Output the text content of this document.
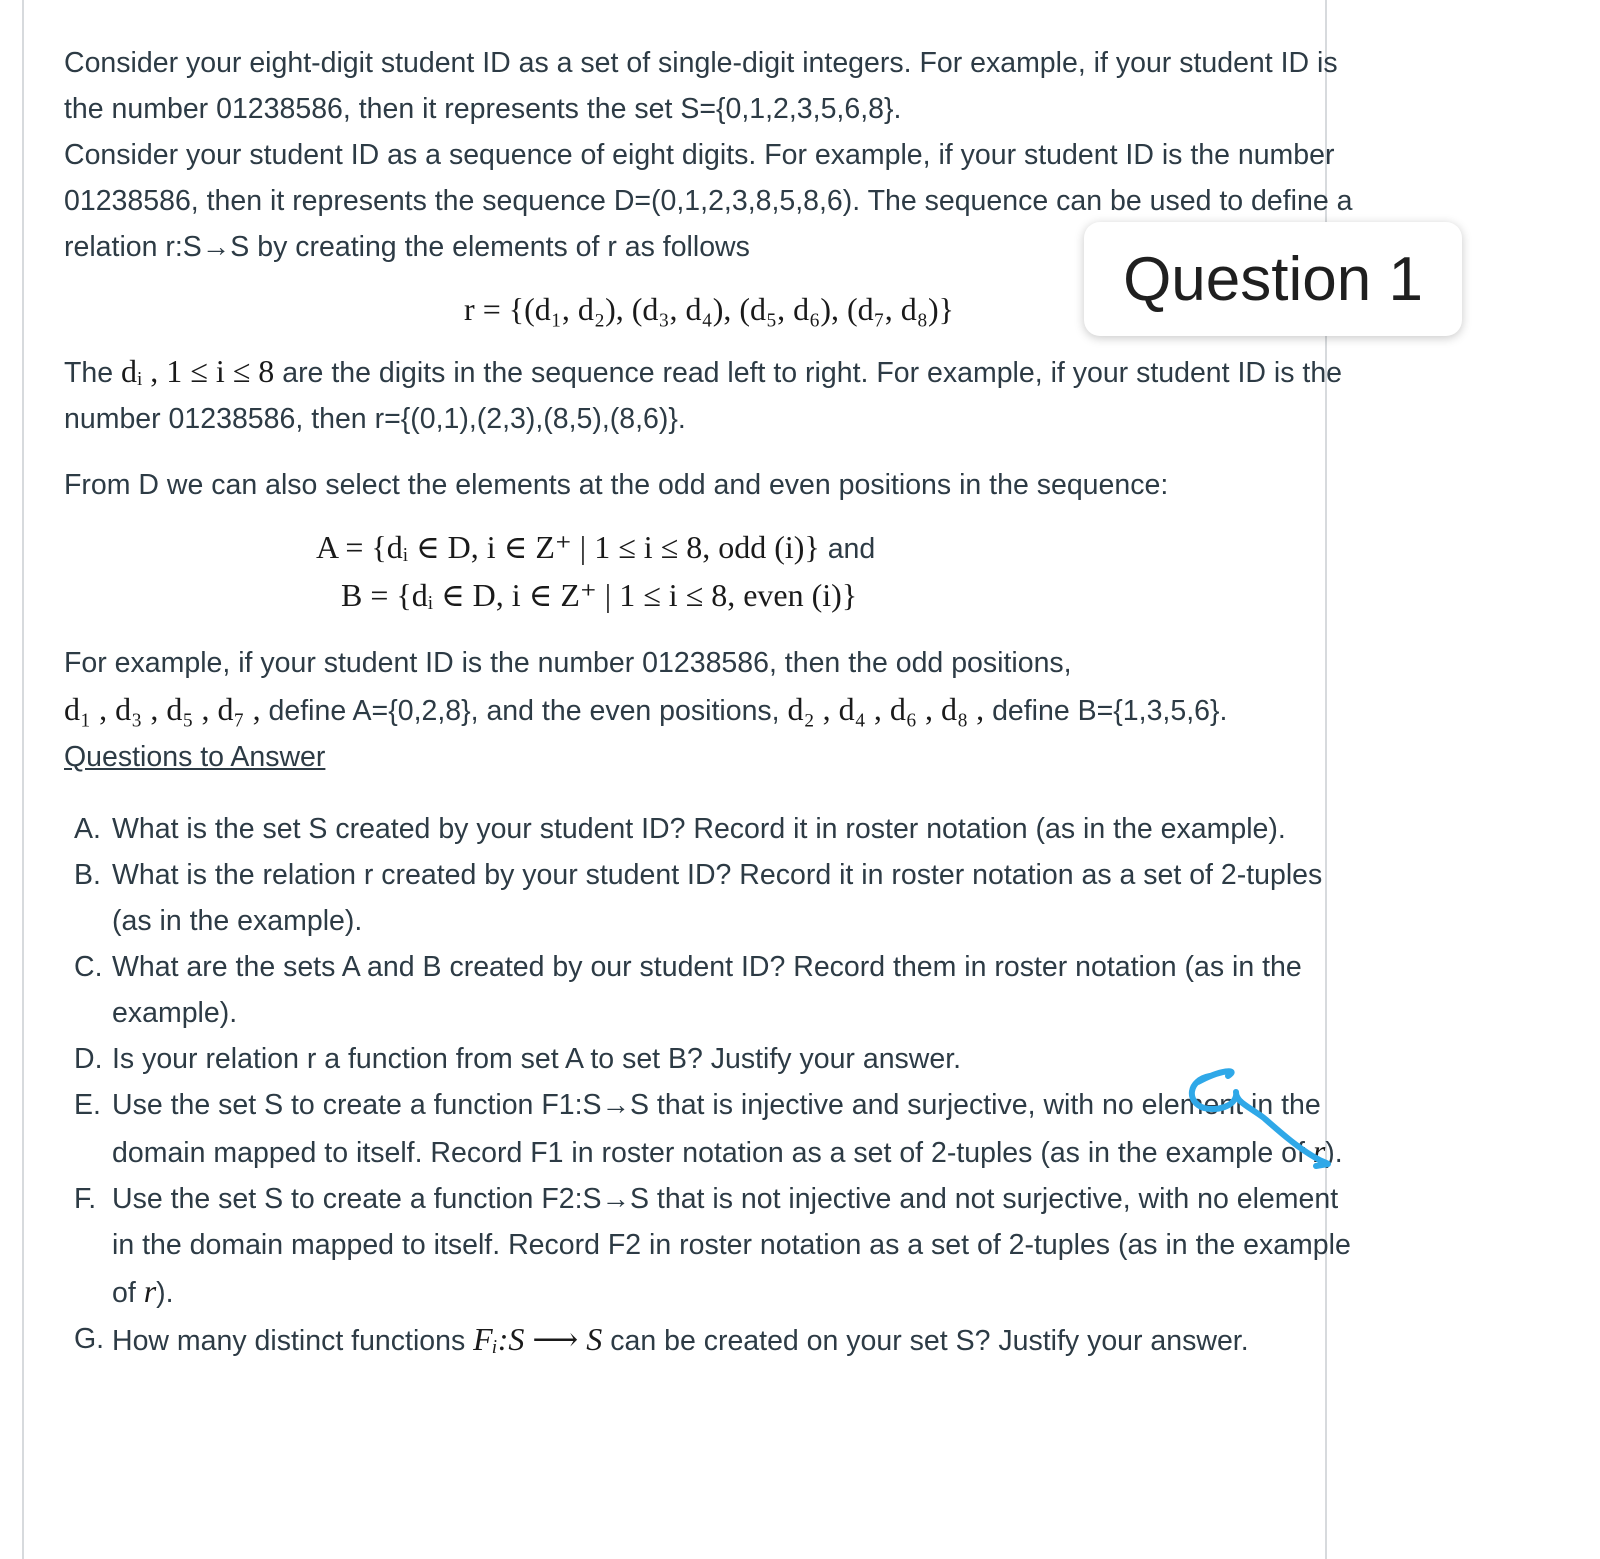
Consider your eight-digit student ID as a set of single-digit integers. For example, if your student ID is the number 01238586, then it represents the set S={0,1,2,3,5,6,8}.

Consider your student ID as a sequence of eight digits. For example, if your student ID is the number 01238586, then it represents the sequence D=(0,1,2,3,8,5,8,6). The sequence can be used to define a relation r:S→S by creating the elements of r as follows

r = {(d₁, d₂), (d₃, d₄), (d₅, d₆), (d₇, d₈)}

The dᵢ , 1 ≤ i ≤ 8 are the digits in the sequence read left to right. For example, if your student ID is the number 01238586, then r={(0,1),(2,3),(8,5),(8,6)}.

From D we can also select the elements at the odd and even positions in the sequence:

A = {dᵢ ∈ D, i ∈ Z⁺ | 1 ≤ i ≤ 8, odd (i)} and
B = {dᵢ ∈ D, i ∈ Z⁺ | 1 ≤ i ≤ 8, even (i)}

For example, if your student ID is the number 01238586, then the odd positions,
d₁ , d₃ , d₅ , d₇ , define A={0,2,8}, and the even positions, d₂ , d₄ , d₆ , d₈ , define B={1,3,5,6}.

Questions to Answer

A. What is the set S created by your student ID? Record it in roster notation (as in the example).
B. What is the relation r created by your student ID? Record it in roster notation as a set of 2-tuples (as in the example).
C. What are the sets A and B created by our student ID? Record them in roster notation (as in the example).
D. Is your relation r a function from set A to set B? Justify your answer.
E. Use the set S to create a function F1:S→S that is injective and surjective, with no element in the domain mapped to itself. Record F1 in roster notation as a set of 2-tuples (as in the example of r).
F. Use the set S to create a function F2:S→S that is not injective and not surjective, with no element in the domain mapped to itself. Record F2 in roster notation as a set of 2-tuples (as in the example of r).
G. How many distinct functions Fᵢ:S ⟶ S can be created on your set S? Justify your answer.
Question 1
